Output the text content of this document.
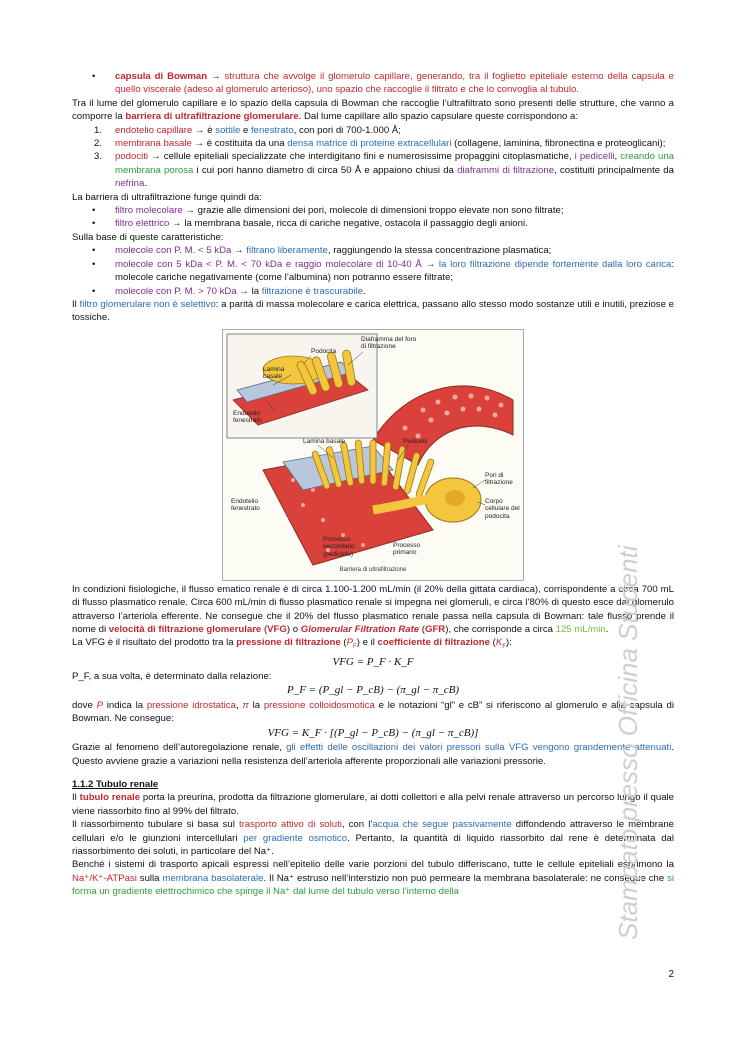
• capsula di Bowman → struttura che avvolge il glomerulo capillare, generando, tra il foglietto epiteliale esterno della capsula e quello viscerale (adeso al glomerulo arterioso), uno spazio che raccoglie il filtrato e che lo convoglia al tubulo.

Tra il lume del glomerulo capillare e lo spazio della capsula di Bowman che raccoglie l’ultrafiltrato sono presenti delle strutture, che vanno a comporre la barriera di ultrafiltrazione glomerulare. Dal lume capillare allo spazio capsulare queste corrispondono a:

1. endotelio capillare → è sottile e fenestrato, con pori di 700-1.000 Å;

2. membrana basale → è costituita da una densa matrice di proteine extracellulari (collagene, laminina, fibronectina e proteoglicani);

3. podociti → cellule epiteliali specializzate che interdigitano fini e numerosissime propaggini citoplasmatiche, i pedicelli, creando una membrana porosa i cui pori hanno diametro di circa 50 Å e appaiono chiusi da diaframmi di filtrazione, costituiti principalmente da nefrina.

La barriera di ultrafiltrazione funge quindi da:

• filtro molecolare → grazie alle dimensioni dei pori, molecole di dimensioni troppo elevate non sono filtrate;

• filtro elettrico → la membrana basale, ricca di cariche negative, ostacola il passaggio degli anioni.

Sulla base di queste caratteristiche:

• molecole con P. M. < 5 kDa → filtrano liberamente, raggiungendo la stessa concentrazione plasmatica;

• molecole con 5 kDa < P. M. < 70 kDa e raggio molecolare di 10-40 Å → la loro filtrazione dipende fortemente dalla loro carica: molecole cariche negativamente (come l’albumina) non potranno essere filtrate;

• molecole con P. M. > 70 kDa → la filtrazione è trascurabile.

Il filtro glomerulare non è selettivo: a parità di massa molecolare e carica elettrica, passano allo stesso modo sostanze utili e inutili, preziose e tossiche.

Podocita
Lamina basale
Diaframma del foro di filtrazione
Endotelio fenestrato
Lamina basale	Pedicelli
Pori di filtrazione
Corpo cellulare del podocita
Endotelio fenestrato
Processo secondario (pedicello)
Processo primario
Barriera di ultrafiltrazione

In condizioni fisiologiche, il flusso ematico renale è di circa 1.100-1.200 mL/min (il 20% della gittata cardiaca), corrispondente a circa 700 mL di flusso plasmatico renale. Circa 600 mL/min di flusso plasmatico renale si impegna nei glomeruli, e circa l’80% di questo esce dal glomerulo attraverso l’arteriola efferente. Ne consegue che il 20% del flusso plasmatico renale passa nella capsula di Bowman: tale flusso prende il nome di velocità di filtrazione glomerulare (VFG) o Glomerular Filtration Rate (GFR), che corrisponde a circa 125 mL/min.

La VFG è il risultato del prodotto tra la pressione di filtrazione $(P_F)$ e il coefficiente di filtrazione $(K_F)$:

VFG = P_F · K_F

P_F, a sua volta, è determinato dalla relazione:

P_F = (P_gl − P_cB) − (π_gl − π_cB)

dove P indica la pressione idrostatica, π la pressione colloidosmotica e le notazioni “gl” e cB” si riferiscono al glomerulo e alla capsula di Bowman. Ne consegue:

VFG = K_F · [(P_gl − P_cB) − (π_gl − π_cB)]

Grazie al fenomeno dell’autoregolazione renale, gli effetti delle oscillazioni dei valori pressori sulla VFG vengono grandemente attenuati. Questo avviene grazie a variazioni nella resistenza dell’arteriola afferente proporzionali alle variazioni pressorie.

1.1.2 Tubulo renale

Il tubulo renale porta la preurina, prodotta da filtrazione glomerulare, ai dotti collettori e alla pelvi renale attraverso un percorso lungo il quale viene riassorbito fino al 99% del filtrato.

Il riassorbimento tubulare si basa sul trasporto attivo di soluti, con l’acqua che segue passivamente diffondendo attraverso le membrane cellulari e/o le giunzioni intercellulari per gradiente osmotico. Pertanto, la quantità di liquido riassorbito dal rene è determinata dal riassorbimento dei soluti, in particolare del Na⁺.

Benché i sistemi di trasporto apicali espressi nell’epitelio delle varie porzioni del tubulo differiscano, tutte le cellule epiteliali esprimono la Na⁺/K⁺-ATPasi sulla membrana basolaterale. Il Na⁺ estruso nell’interstizio non può permeare la membrana basolaterale: ne consegue che si forma un gradiente elettrochimico che spinge il Na⁺ dal lume del tubulo verso l’interno della	Stampato presso Officina Studenti
2
